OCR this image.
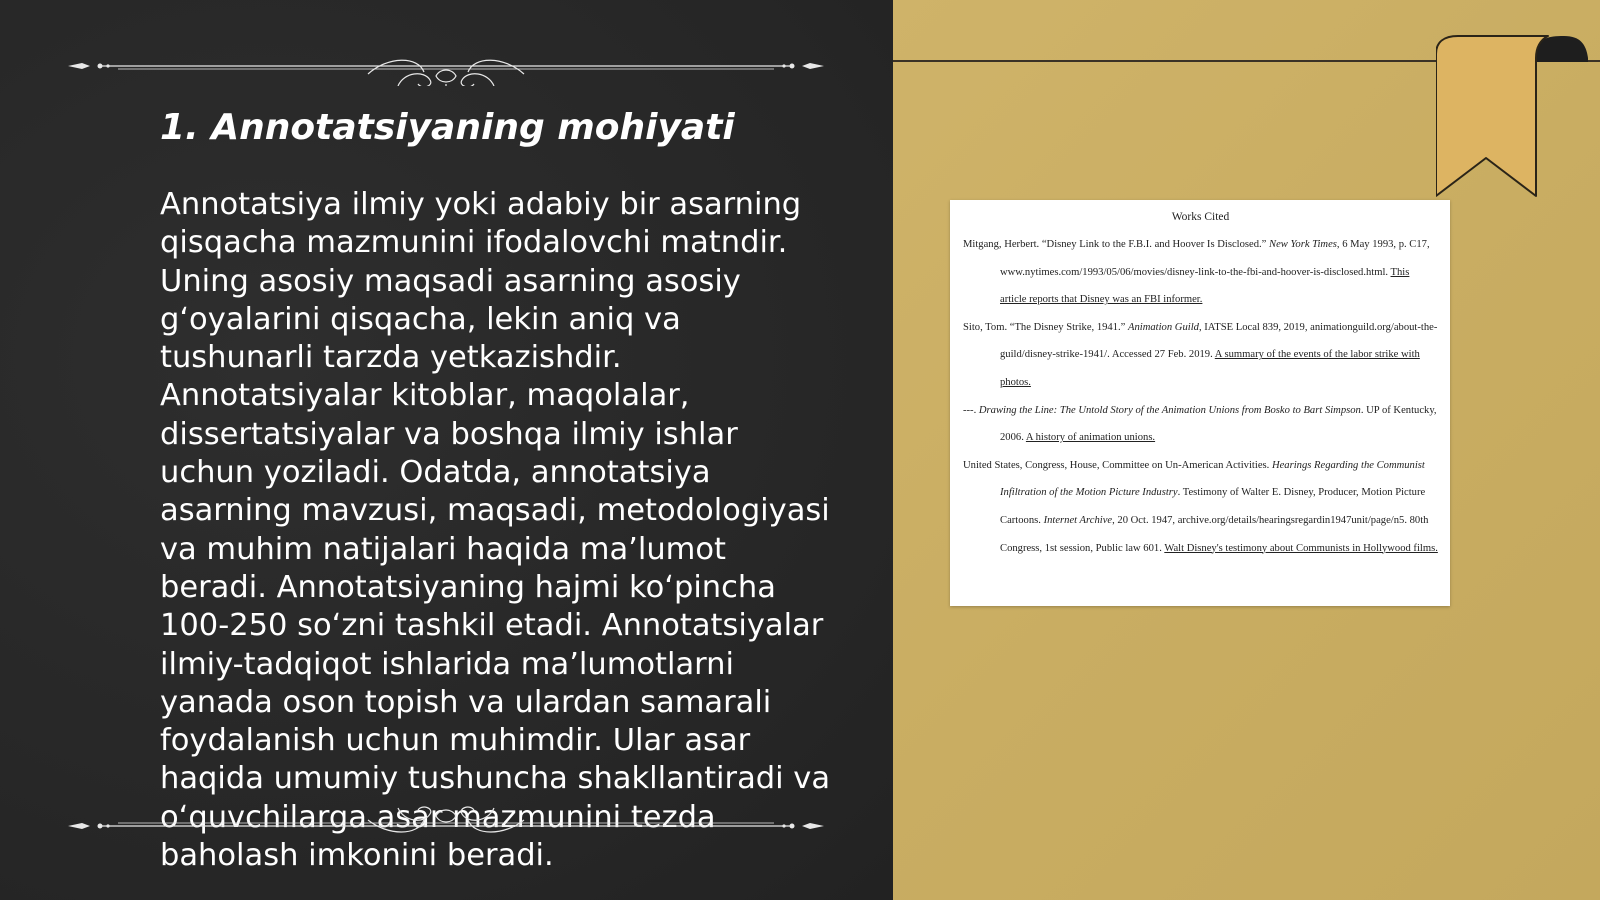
1. Annotatsiyaning mohiyati

Annotatsiya ilmiy yoki adabiy bir asarning qisqacha mazmunini ifodalovchi matndir. Uning asosiy maqsadi asarning asosiy gʻoyalarini qisqacha, lekin aniq va tushunarli tarzda yetkazishdir. Annotatsiyalar kitoblar, maqolalar, dissertatsiyalar va boshqa ilmiy ishlar uchun yoziladi. Odatda, annotatsiya asarning mavzusi, maqsadi, metodologiyasi va muhim natijalari haqida ma’lumot beradi. Annotatsiyaning hajmi koʻpincha 100-250 soʻzni tashkil etadi. Annotatsiyalar ilmiy-tadqiqot ishlarida ma’lumotlarni yanada oson topish va ulardan samarali foydalanish uchun muhimdir. Ular asar haqida umumiy tushuncha shakllantiradi va oʻquvchilarga asar mazmunini tezda baholash imkonini beradi.

Works Cited

Mitgang, Herbert. “Disney Link to the F.B.I. and Hoover Is Disclosed.” New York Times, 6 May 1993, p. C17, www.nytimes.com/1993/05/06/movies/disney-link-to-the-fbi-and-hoover-is-disclosed.html. This article reports that Disney was an FBI informer.

Sito, Tom. “The Disney Strike, 1941.” Animation Guild, IATSE Local 839, 2019, animationguild.org/about-the-guild/disney-strike-1941/. Accessed 27 Feb. 2019. A summary of the events of the labor strike with photos.

---. Drawing the Line: The Untold Story of the Animation Unions from Bosko to Bart Simpson. UP of Kentucky, 2006. A history of animation unions.

United States, Congress, House, Committee on Un-American Activities. Hearings Regarding the Communist Infiltration of the Motion Picture Industry. Testimony of Walter E. Disney, Producer, Motion Picture Cartoons. Internet Archive, 20 Oct. 1947, archive.org/details/hearingsregardin1947unit/page/n5. 80th Congress, 1st session, Public law 601. Walt Disney's testimony about Communists in Hollywood films.
